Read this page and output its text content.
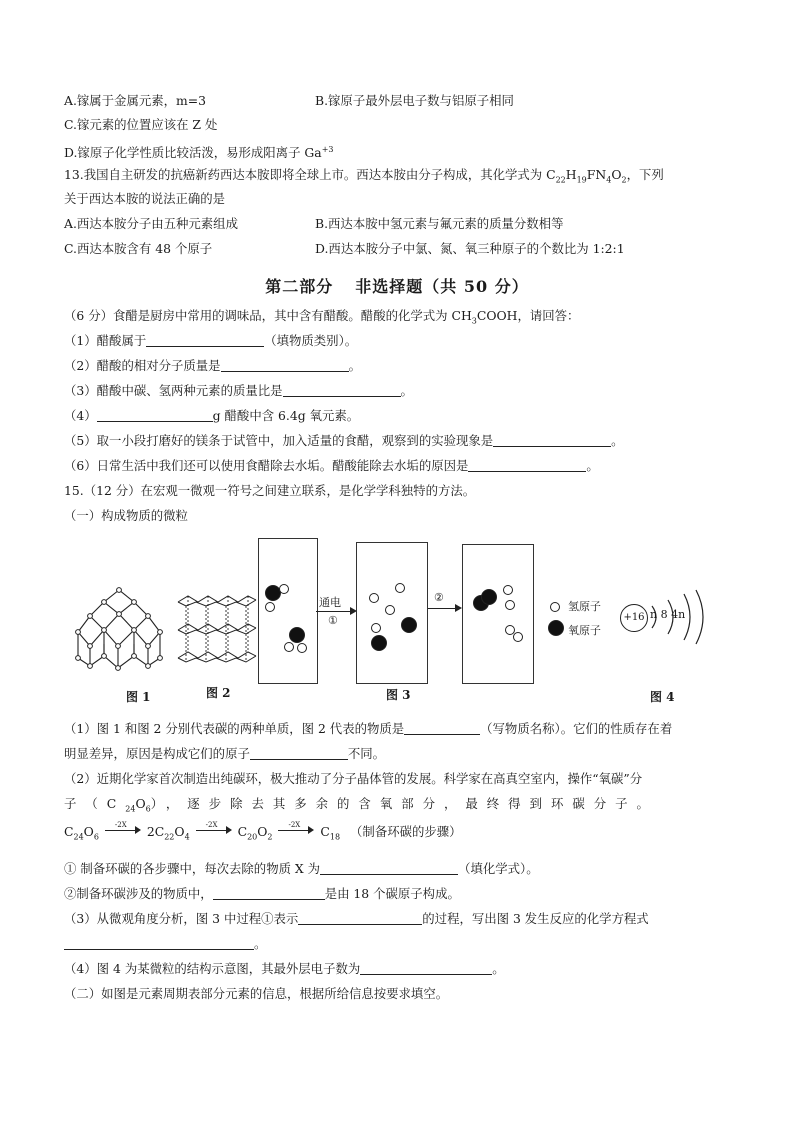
A.镓属于金属元素，m=3	B.镓原子最外层电子数与铝原子相同
C.镓元素的位置应该在 Z 处
D.镓原子化学性质比较活泼，易形成阳离子 $Ga^{+3}$
13.我国自主研发的抗癌新药西达本胺即将全球上市。西达本胺由分子构成，其化学式为 $C_{22}H_{19}FN_4O_2$，下列
关于西达本胺的说法正确的是
A.西达本胺分子由五种元素组成	B.西达本胺中氢元素与氟元素的质量分数相等
C.西达本胺含有 48 个原子	D.西达本胺分子中氯、氮、氧三种原子的个数比为 1:2:1
第二部分 非选择题（共 50 分）
（6 分）食醋是厨房中常用的调味品，其中含有醋酸。醋酸的化学式为 $CH_3COOH$，请回答：
（1）醋酸属于	（填物质类别）。
（2）醋酸的相对分子质量是	。
（3）醋酸中碳、氢两种元素的质量比是	。
（4）	g 醋酸中含 6.4g 氧元素。
（5）取一小段打磨好的镁条于试管中，加入适量的食醋，观察到的实验现象是	。
（6）日常生活中我们还可以使用食醋除去水垢。醋酸能除去水垢的原因是	。
15.（12 分）在宏观一微观一符号之间建立联系，是化学学科独特的方法。
（一）构成物质的微粒
图 1	图 2
通电
①
②
图 3
氢原子
氧原子
+16 n 8 4n
图 4
（1）图 1 和图 2 分别代表碳的两种单质，图 2 代表的物质是	（写物质名称）。它们的性质存在着
明显差异，原因是构成它们的原子	不同。
（2）近期化学家首次制造出纯碳环，极大推动了分子晶体管的发展。科学家在高真空室内，操作“氧碳”分
子$(C_{24}O_6)$，逐步除去其多余的含氧部分，最终得到环碳分子。
$C_{24}O_6$
-2X $2C_{22}O_4$
-2X $C_{20}O_2$
-2X $C_{18}$ （制备环碳的步骤）
① 制备环碳的各步骤中，每次去除的物质 X 为	（填化学式）。
②制备环碳涉及的物质中，	是由 18 个碳原子构成。
（3）从微观角度分析，图 3 中过程①表示	的过程，写出图 3 发生反应的化学方程式
。
（4）图 4 为某微粒的结构示意图，其最外层电子数为	。
（二）如图是元素周期表部分元素的信息，根据所给信息按要求填空。
